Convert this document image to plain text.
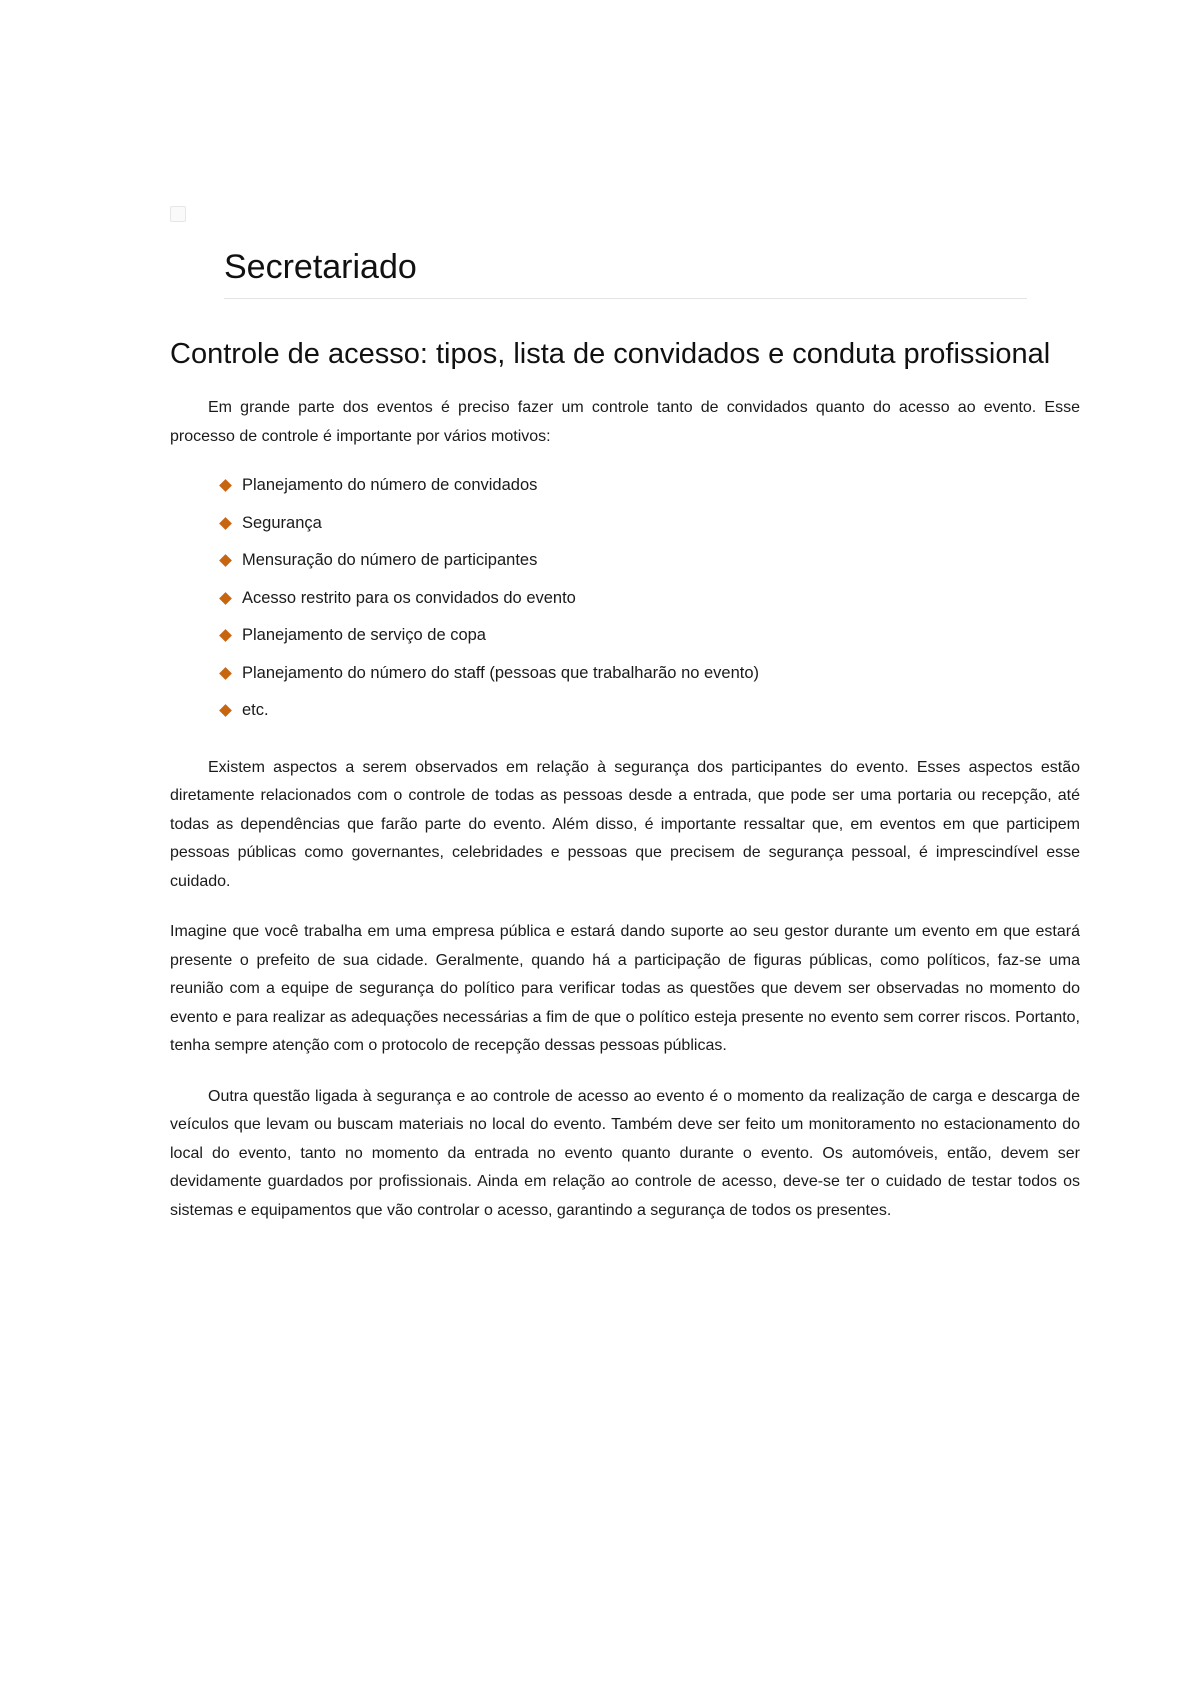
Secretariado
Controle de acesso: tipos, lista de convidados e conduta profissional

Em grande parte dos eventos é preciso fazer um controle tanto de convidados quanto do acesso ao evento. Esse processo de controle é importante por vários motivos:

Planejamento do número de convidados
Segurança
Mensuração do número de participantes
Acesso restrito para os convidados do evento
Planejamento de serviço de copa
Planejamento do número do staff (pessoas que trabalharão no evento)
etc.

Existem aspectos a serem observados em relação à segurança dos participantes do evento. Esses aspectos estão diretamente relacionados com o controle de todas as pessoas desde a entrada, que pode ser uma portaria ou recepção, até todas as dependências que farão parte do evento. Além disso, é importante ressaltar que, em eventos em que participem pessoas públicas como governantes, celebridades e pessoas que precisem de segurança pessoal, é imprescindível esse cuidado.

Imagine que você trabalha em uma empresa pública e estará dando suporte ao seu gestor durante um evento em que estará presente o prefeito de sua cidade. Geralmente, quando há a participação de figuras públicas, como políticos, faz-se uma reunião com a equipe de segurança do político para verificar todas as questões que devem ser observadas no momento do evento e para realizar as adequações necessárias a fim de que o político esteja presente no evento sem correr riscos. Portanto, tenha sempre atenção com o protocolo de recepção dessas pessoas públicas.

Outra questão ligada à segurança e ao controle de acesso ao evento é o momento da realização de carga e descarga de veículos que levam ou buscam materiais no local do evento. Também deve ser feito um monitoramento no estacionamento do local do evento, tanto no momento da entrada no evento quanto durante o evento. Os automóveis, então, devem ser devidamente guardados por profissionais. Ainda em relação ao controle de acesso, deve-se ter o cuidado de testar todos os sistemas e equipamentos que vão controlar o acesso, garantindo a segurança de todos os presentes.
